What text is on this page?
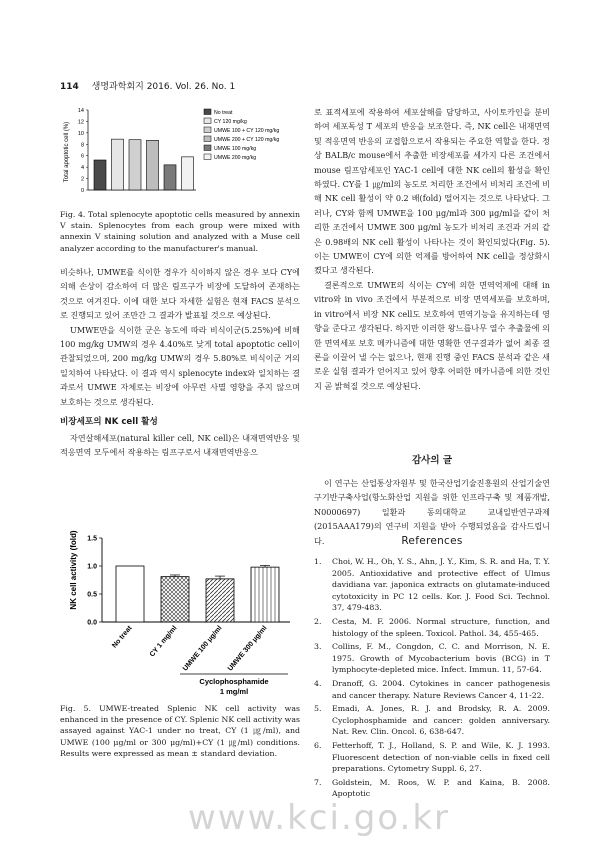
114 생명과학회지 2016. Vol. 26. No. 1
0
2
4
6
8
10
12
14	No treat
CY 120 mg/kg
UMWE 100 + CY 120 mg/kg
UMWE 200 + CY 120 mg/kg
UMWE 100 mg/kg
UMWE 200 mg/kg
Total apoptotic cell (%)
Fig. 4. Total splenocyte apoptotic cells measured by annexin V stain. Splenocytes from each group were mixed with annexin V staining solution and analyzed with a Muse cell analyzer according to the manufacturer's manual.

비슷하나, UMWE를 식이한 경우가 식이하지 않은 경우 보다 CY에 의해 손상이 감소하여 더 많은 림프구가 비장에 도달하여 존재하는 것으로 여겨진다. 이에 대한 보다 자세한 실험은 현재 FACS 분석으로 진행되고 있어 조만간 그 결과가 발표될 것으로 예상된다.

UMWE만을 식이한 군은 농도에 따라 비식이군(5.25%)에 비해 100 mg/kg UMW의 경우 4.40%로 낮게 total apoptotic cell이 관찰되었으며, 200 mg/kg UMW의 경우 5.80%로 비식이군 거의 일치하여 나타났다. 이 결과 역시 splenocyte index와 일치하는 결과로서 UMWE 자체로는 비장에 아무런 사멸 영향을 주지 않으며 보호하는 것으로 생각된다.

비장세포의 NK cell 활성
자연살해세포(natural killer cell, NK cell)은 내재면역반응 및 적응면역 모두에서 작용하는 림프구로서 내재면역반응으
0.0
0.5
1.0
1.5
No treat CY 1 mg/ml UMWE 100 μg/ml UMWE 300 μg/ml
NK cell activity (fold)
Cyclophosphamide
1 mg/ml
Fig. 5. UMWE-treated Splenic NK cell activity was enhanced in the presence of CY. Splenic NK cell activity was assayed against YAC-1 under no treat, CY (1 ㎍/ml), and UMWE (100 μg/ml or 300 μg/ml)+CY (1 ㎍/ml) conditions. Results were expressed as mean ± standard deviation.

로 표적세포에 작용하여 세포살해를 담당하고, 사이토카인을 분비하여 세포독성 T 세포의 반응을 보조한다. 즉, NK cell은 내재면역 및 적응면역 반응의 교접합으로서 작용되는 주요한 역할을 한다. 정상 BALB/c mouse에서 추출한 비장세포를 세가지 다른 조건에서 mouse 림프암세포인 YAC-1 cell에 대한 NK cell의 활성을 확인하였다. CY를 1 ㎍/ml의 농도로 처리한 조건에서 비처리 조건에 비해 NK cell 활성이 약 0.2 배(fold) 떨어지는 것으로 나타났다. 그러나, CY와 함께 UMWE을 100 μg/ml과 300 μg/ml을 같이 처리한 조건에서 UMWE 300 μg/ml 농도가 비처리 조건과 거의 같은 0.98배의 NK cell 활성이 나타나는 것이 확인되었다(Fig. 5). 이는 UMWE이 CY에 의한 억제를 방어하여 NK cell을 정상화시켰다고 생각된다.

결론적으로 UMWE의 식이는 CY에 의한 면역억제에 대해 in vitro와 in vivo 조건에서 부분적으로 비장 면역세포를 보호하며, in vitro에서 비장 NK cell도 보호하여 면역기능을 유지하는데 영향을 준다고 생각된다. 하지만 이러한 왕느릅나무 열수 추출물에 의한 면역세포 보호 메카니즘에 대한 명확한 연구결과가 없어 최종 결론을 이끌어 낼 수는 없으나, 현재 진행 중인 FACS 분석과 같은 새로운 실험 결과가 얻어지고 있어 향후 어떠한 메카니즘에 의한 것인지 곧 밝혀질 것으로 예상된다.

감사의 글
이 연구는 산업통상자원부 및 한국산업기술진흥원의 산업기술연구기반구축사업(항노화산업 지원을 위한 인프라구축 및 제품개발, N0000697) 일환과 동의대학교 교내일반연구과제(2015AAA179)의 연구비 지원을 받아 수행되었음을 감사드립니다.	References
1. Choi, W. H., Oh, Y. S., Ahn, J. Y., Kim, S. R. and Ha, T. Y. 2005. Antioxidative and protective effect of Ulmus davidiana var. japonica extracts on glutamate-induced cytotoxicity in PC 12 cells. Kor. J. Food Sci. Technol. 37, 479-483.
2. Cesta, M. F. 2006. Normal structure, function, and histology of the spleen. Toxicol. Pathol. 34, 455-465.
3. Collins, F. M., Congdon, C. C. and Morrison, N. E. 1975. Growth of Mycobacterium bovis (BCG) in T lymphocyte-depleted mice. Infect. Immun. 11, 57-64.
4. Dranoff, G. 2004. Cytokines in cancer pathogenesis and cancer therapy. Nature Reviews Cancer 4, 11-22.
5. Emadi, A. Jones, R. J. and Brodsky, R. A. 2009. Cyclophosphamide and cancer: golden anniversary. Nat. Rev. Clin. Oncol. 6, 638-647.
6. Fetterhoff, T. J., Holland, S. P. and Wile, K. J. 1993. Fluorescent detection of non-viable cells in fixed cell preparations. Cytometry Suppl. 6, 27.
7. Goldstein, M. Roos, W. P. and Kaina, B. 2008. Apoptotic
www.kci.go.kr
